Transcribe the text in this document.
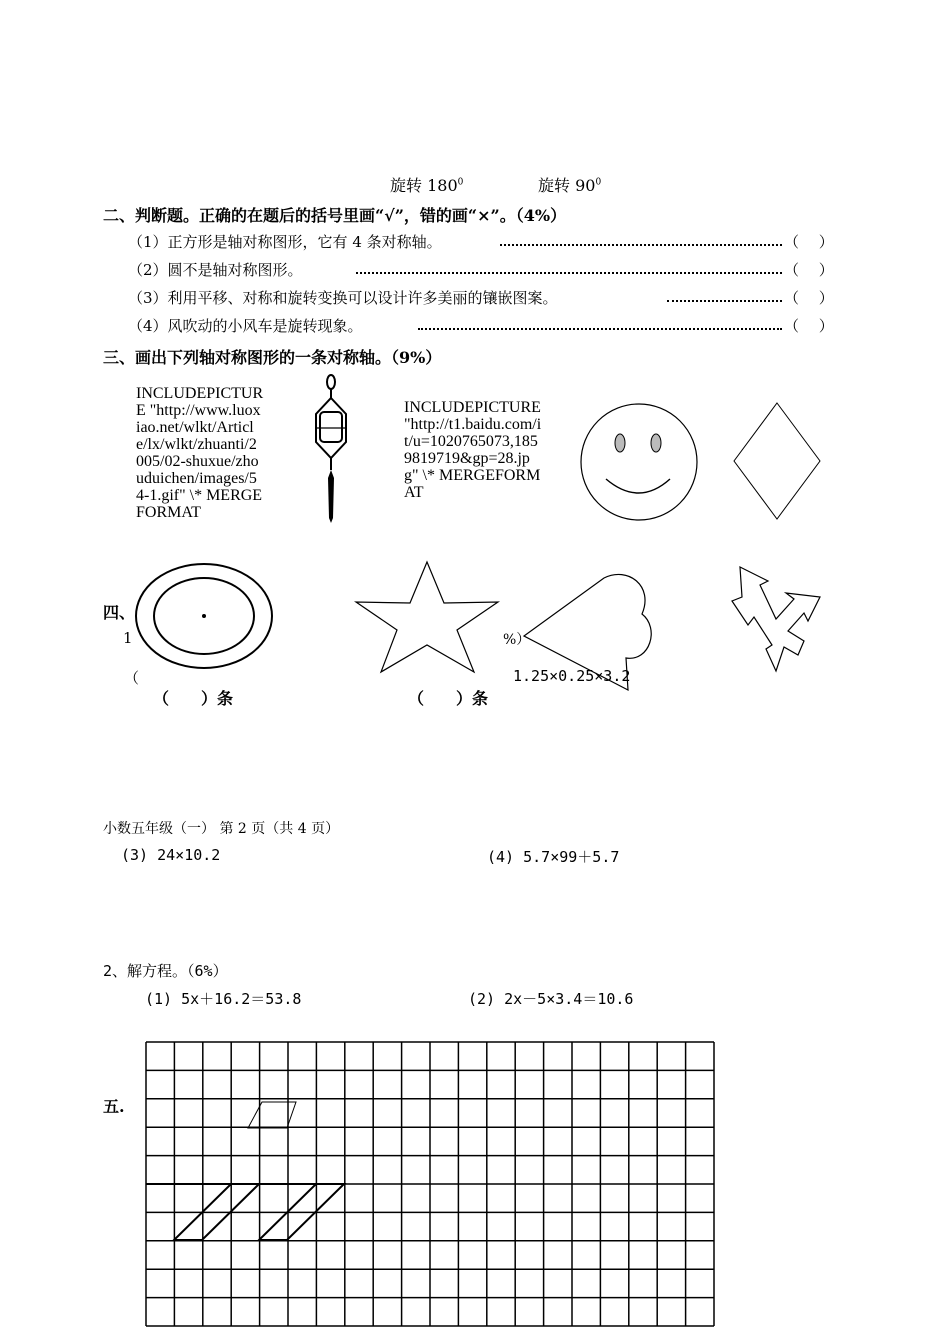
旋转 $180^0$	旋转 $90^0$
二、判断题。正确的在题后的括号里画“√”，错的画“×”。（4%）
（1）正方形是轴对称图形，它有 4 条对称轴。	（　 ）
（2）圆不是轴对称图形。	（　 ）
（3）利用平移、对称和旋转变换可以设计许多美丽的镶嵌图案。	（　 ）
（4）风吹动的小风车是旋转现象。	（　 ）
三、画出下列轴对称图形的一条对称轴。（9%）
INCLUDEPICTURE "http://www.luoxiao.net/wlkt/Article/lx/wlkt/zhuanti/2005/02-shuxue/zhouduichen/images/54-1.gif" \* MERGEFORMAT
INCLUDEPICTURE "http://t1.baidu.com/it/u=1020765073,1859819719&gp=28.jpg" \* MERGEFORMAT
（　　）条	（　　）条
四、
1
（
%）
1.25×0.25×3.2
小数五年级（一） 第 2 页（共 4 页）
(3) 24×10.2	(4) 5.7×99＋5.7
2、解方程。（6%）
(1) 5x＋16.2＝53.8	(2) 2x－5×3.4＝10.6
五.
